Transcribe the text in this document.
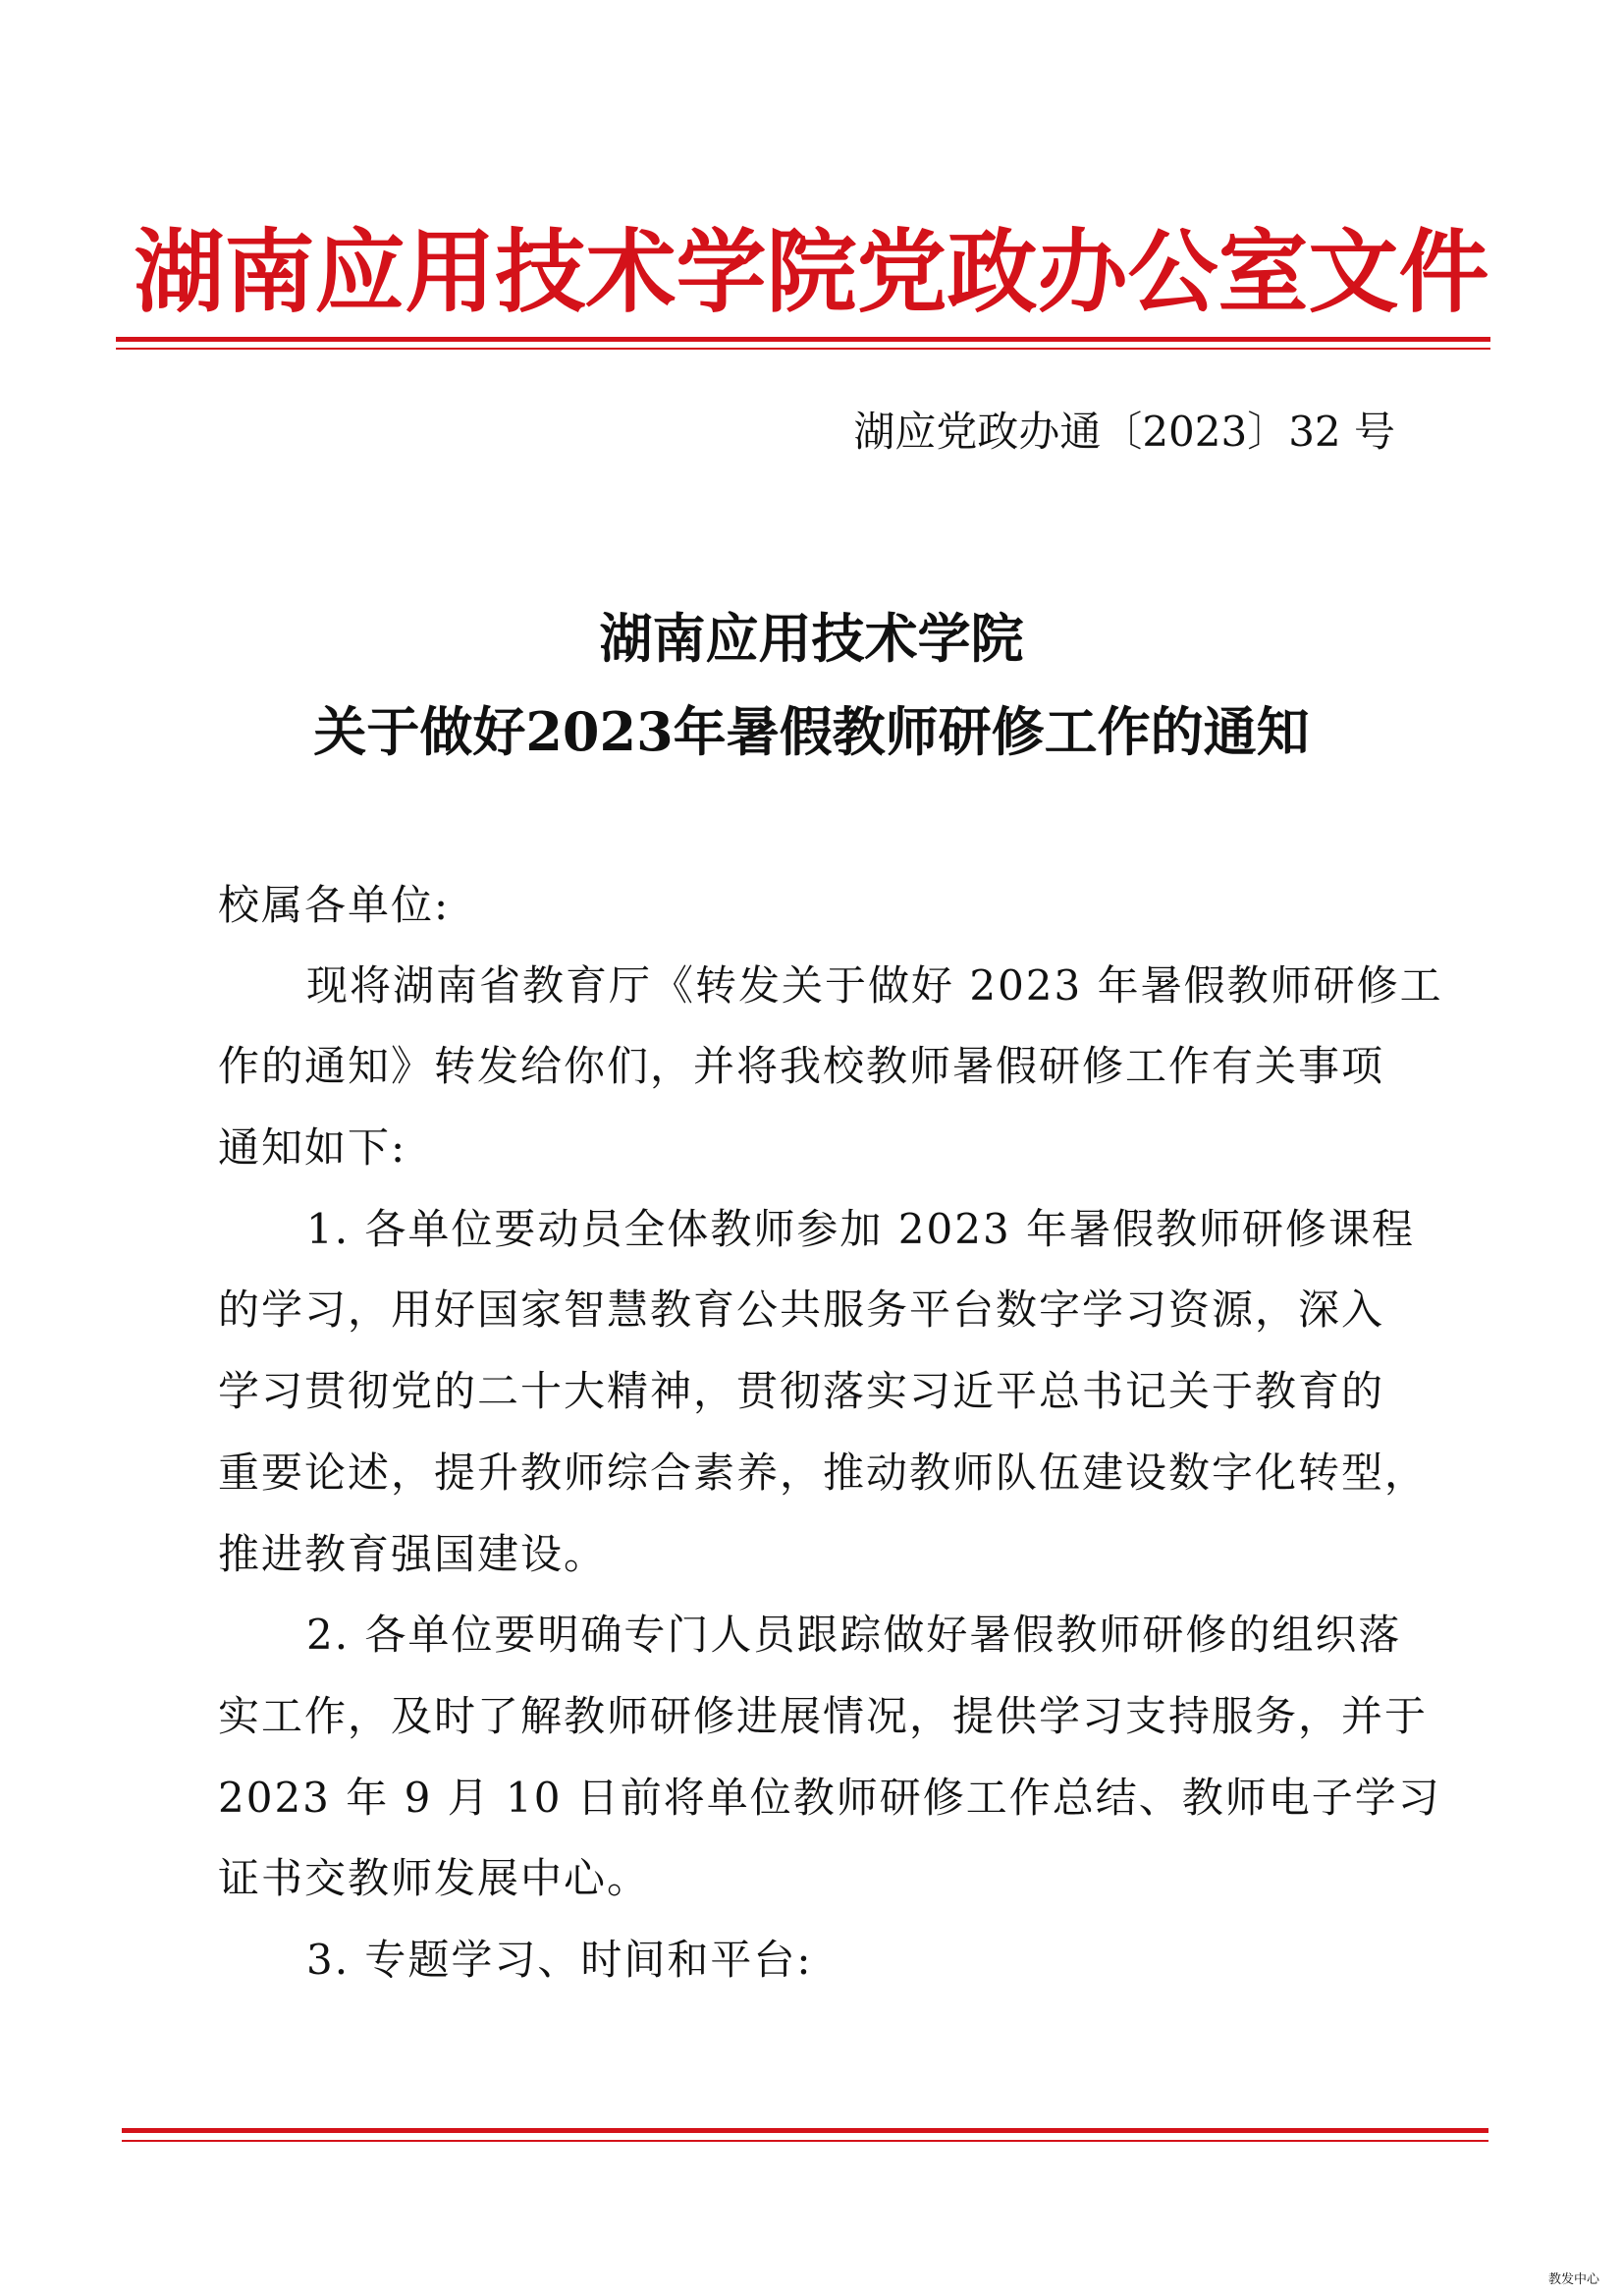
湖南应用技术学院党政办公室文件
湖应党政办通〔2023〕32 号
湖南应用技术学院
关于做好2023年暑假教师研修工作的通知
校属各单位:
现将湖南省教育厅《转发关于做好 2023 年暑假教师研修工
作的通知》转发给你们，并将我校教师暑假研修工作有关事项
通知如下:
1. 各单位要动员全体教师参加 2023 年暑假教师研修课程
的学习，用好国家智慧教育公共服务平台数字学习资源，深入
学习贯彻党的二十大精神，贯彻落实习近平总书记关于教育的
重要论述，提升教师综合素养，推动教师队伍建设数字化转型，
推进教育强国建设。
2. 各单位要明确专门人员跟踪做好暑假教师研修的组织落
实工作，及时了解教师研修进展情况，提供学习支持服务，并于
2023 年 9 月 10 日前将单位教师研修工作总结、教师电子学习
证书交教师发展中心。
3. 专题学习、时间和平台:
教发中心
